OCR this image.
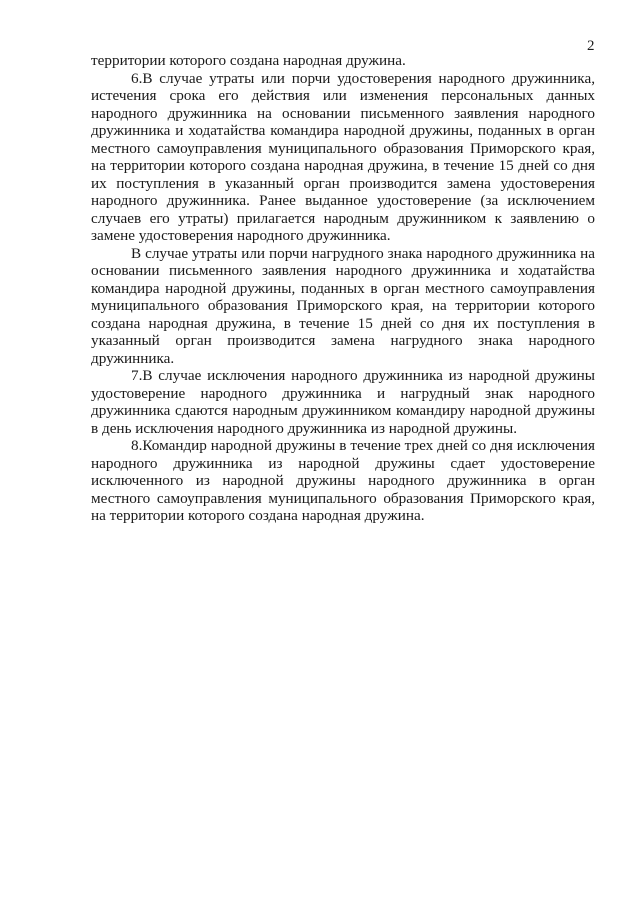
2

территории которого создана народная дружина.

6.В случае утраты или порчи удостоверения народного дружинника, истечения срока его действия или изменения персональных данных народного дружинника на основании письменного заявления народного дружинника и ходатайства командира народной дружины, поданных в орган местного самоуправления муниципального образования Приморского края, на территории которого создана народная дружина, в течение 15 дней со дня их поступления в указанный орган производится замена удостоверения народного дружинника. Ранее выданное удостоверение (за исключением случаев его утраты) прилагается народным дружинником к заявлению о замене удостоверения народного дружинника.

В случае утраты или порчи нагрудного знака народного дружинника на основании письменного заявления народного дружинника и ходатайства командира народной дружины, поданных в орган местного самоуправления муниципального образования Приморского края, на территории которого создана народная дружина, в течение 15 дней со дня их поступления в указанный орган производится замена нагрудного знака народного дружинника.

7.В случае исключения народного дружинника из народной дружины удостоверение народного дружинника и нагрудный знак народного дружинника сдаются народным дружинником командиру народной дружины в день исключения народного дружинника из народной дружины.

8.Командир народной дружины в течение трех дней со дня исключения народного дружинника из народной дружины сдает удостоверение исключенного из народной дружины народного дружинника в орган местного самоуправления муниципального образования Приморского края, на территории которого создана народная дружина.
